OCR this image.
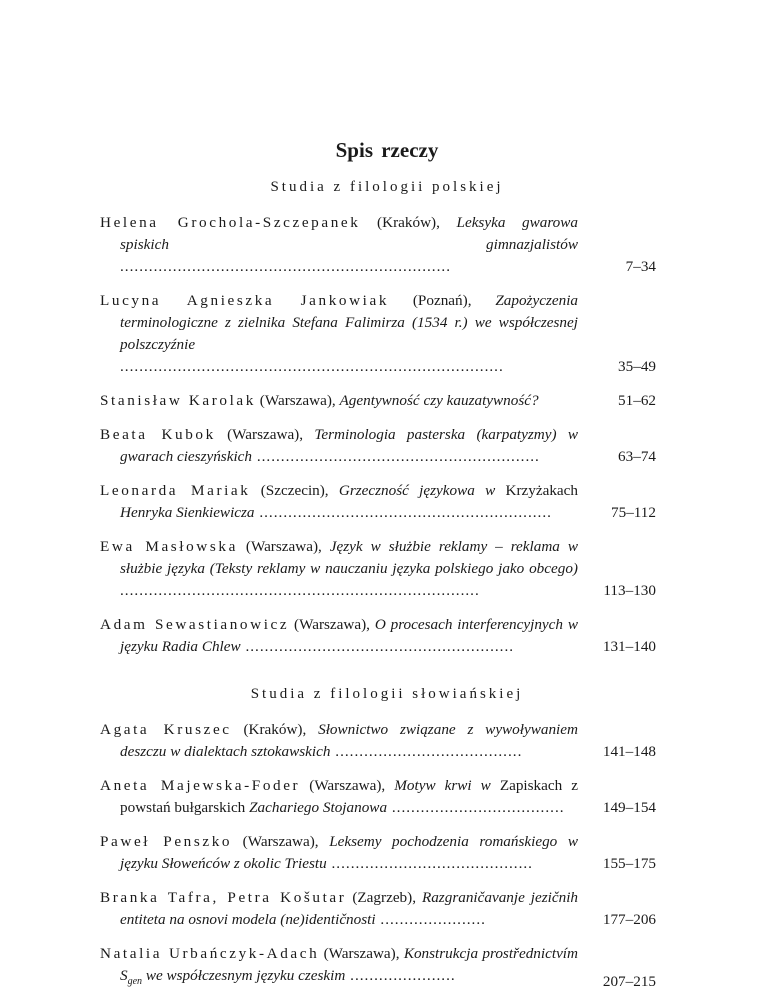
Spis rzeczy
Studia z filologii polskiej
Helena Grochola-Szczepanek (Kraków), Leksyka gwarowa spiskich gimnazjalistów .....................................................................	7–34
Lucyna Agnieszka Jankowiak (Poznań), Zapożyczenia terminologiczne z zielnika Stefana Falimirza (1534 r.) we współczesnej polszczyźnie ................................................................................	35–49
Stanisław Karolak (Warszawa), Agentywność czy kauzatywność?	51–62
Beata Kubok (Warszawa), Terminologia pasterska (karpatyzmy) w gwarach cieszyńskich ...........................................................	63–74
Leonarda Mariak (Szczecin), Grzeczność językowa w Krzyżakach Henryka Sienkiewicza .............................................................	75–112
Ewa Masłowska (Warszawa), Język w służbie reklamy – reklama w służbie języka (Teksty reklamy w nauczaniu języka polskiego jako obcego) ...........................................................................	113–130
Adam Sewastianowicz (Warszawa), O procesach interferencyjnych w języku Radia Chlew ........................................................	131–140
Studia z filologii słowiańskiej
Agata Kruszec (Kraków), Słownictwo związane z wywoływaniem deszczu w dialektach sztokawskich .......................................	141–148
Aneta Majewska-Foder (Warszawa), Motyw krwi w Zapiskach z powstań bułgarskich Zachariego Stojanowa ....................................	149–154
Paweł Penszko (Warszawa), Leksemy pochodzenia romańskiego w języku Słoweńców z okolic Triestu ..........................................	155–175
Branka Tafra, Petra Košutar (Zagrzeb), Razgraničavanje jezičnih entiteta na osnovi modela (ne)identičnosti ......................	177–206
Natalia Urbańczyk-Adach (Warszawa), Konstrukcja prostřednictvím $S_{gen}$ we współczesnym języku czeskim ......................	207–215
